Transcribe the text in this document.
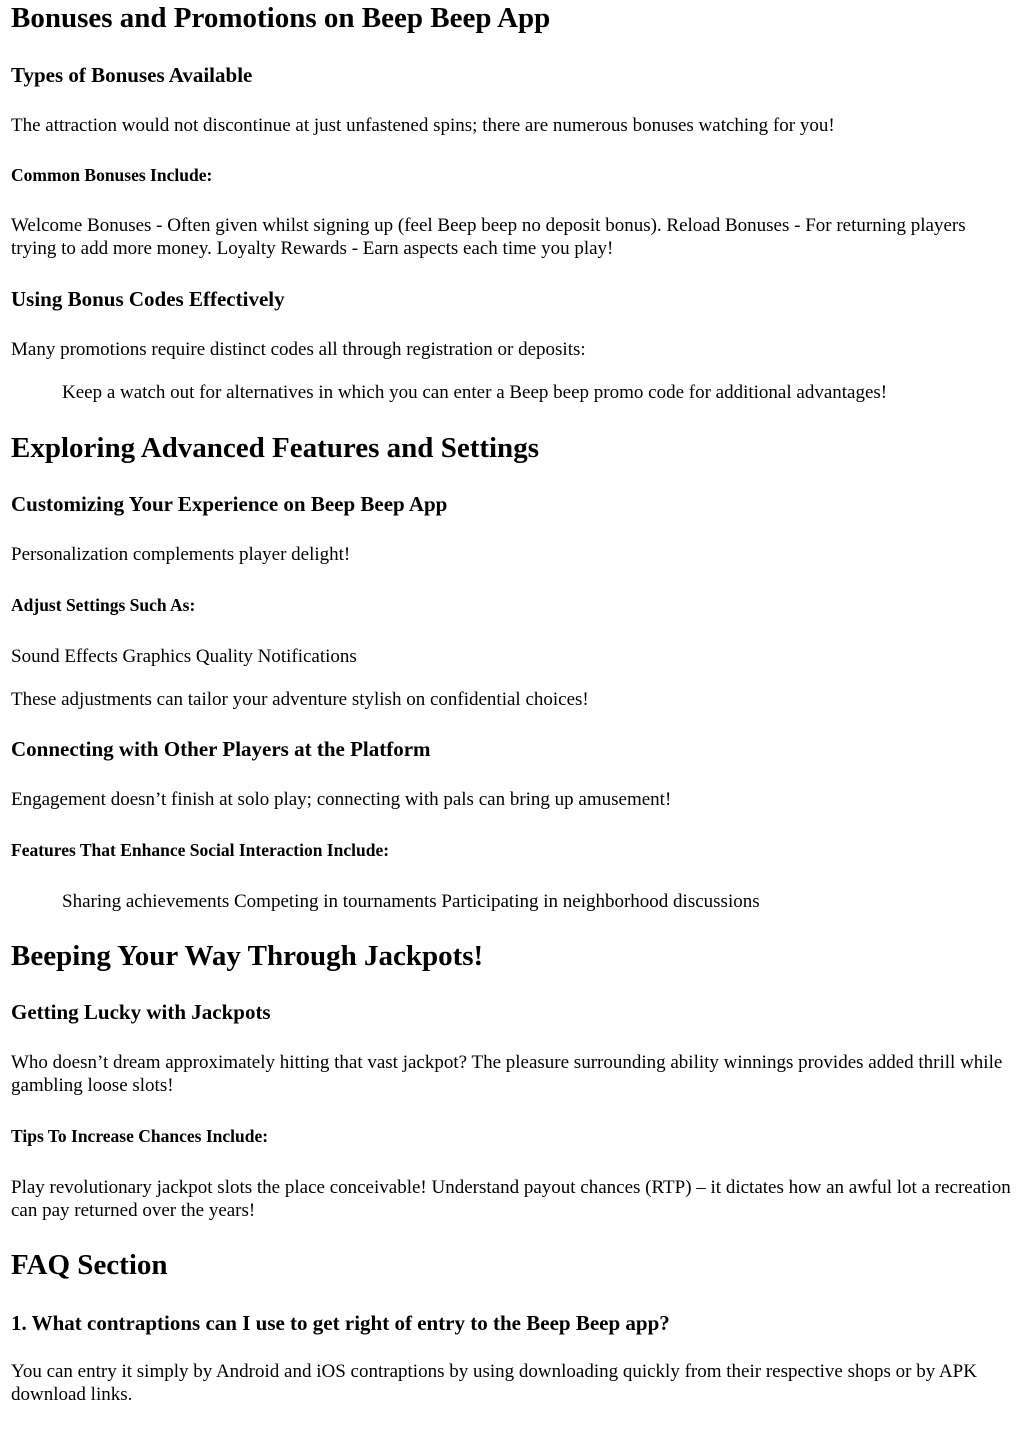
Bonuses and Promotions on Beep Beep App
Types of Bonuses Available

The attraction would not discontinue at just unfastened spins; there are numerous bonuses watching for you!

Common Bonuses Include:

Welcome Bonuses - Often given whilst signing up (feel Beep beep no deposit bonus). Reload Bonuses - For returning players trying to add more money. Loyalty Rewards - Earn aspects each time you play!

Using Bonus Codes Effectively

Many promotions require distinct codes all through registration or deposits:

Keep a watch out for alternatives in which you can enter a Beep beep promo code for additional advantages!

Exploring Advanced Features and Settings
Customizing Your Experience on Beep Beep App

Personalization complements player delight!

Adjust Settings Such As:

Sound Effects Graphics Quality Notifications

These adjustments can tailor your adventure stylish on confidential choices!

Connecting with Other Players at the Platform

Engagement doesn’t finish at solo play; connecting with pals can bring up amusement!

Features That Enhance Social Interaction Include:

Sharing achievements Competing in tournaments Participating in neighborhood discussions

Beeping Your Way Through Jackpots!
Getting Lucky with Jackpots

Who doesn’t dream approximately hitting that vast jackpot? The pleasure surrounding ability winnings provides added thrill while gambling loose slots!

Tips To Increase Chances Include:

Play revolutionary jackpot slots the place conceivable! Understand payout chances (RTP) – it dictates how an awful lot a recreation can pay returned over the years!

FAQ Section
1. What contraptions can I use to get right of entry to the Beep Beep app?

You can entry it simply by Android and iOS contraptions by using downloading quickly from their respective shops or by APK download links.
